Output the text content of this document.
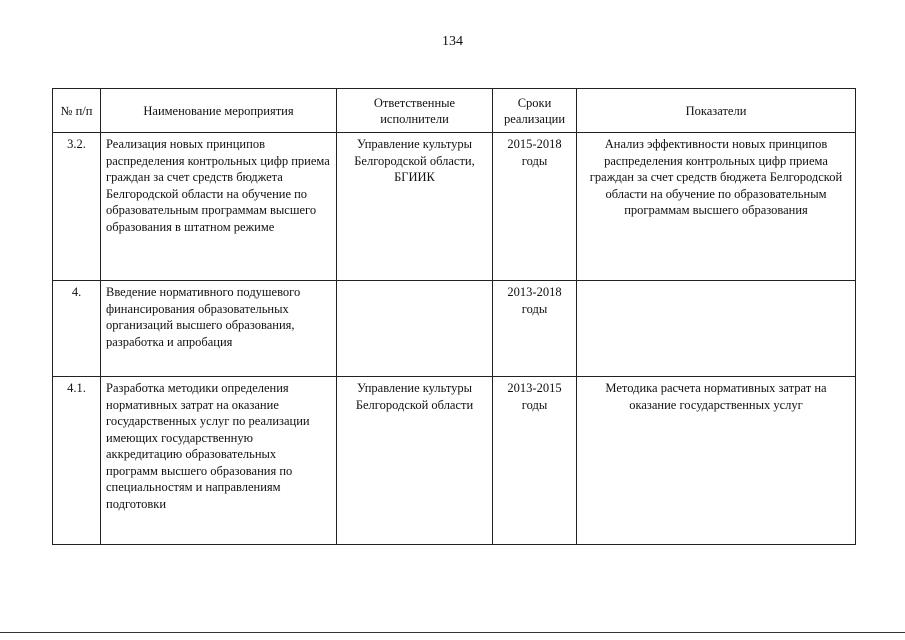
134
№ п/п	Наименование мероприятия	Ответственные исполнители	Сроки реализации	Показатели
3.2.	Реализация новых принципов распределения контрольных цифр приема граждан за счет средств бюджета Белгородской области на обучение по образовательным программам высшего образования в штатном режиме	Управление культуры Белгородской области, БГИИК	2015-2018 годы	Анализ эффективности новых принципов распределения контрольных цифр приема граждан за счет средств бюджета Белгородской области на обучение по образовательным программам высшего образования
4.	Введение нормативного подушевого финансирования образовательных организаций высшего образования, разработка и апробация		2013-2018 годы	
4.1.	Разработка методики определения нормативных затрат на оказание государственных услуг по реализации имеющих государственную аккредитацию образовательных программ высшего образования по специальностям и направлениям подготовки	Управление культуры Белгородской области	2013-2015 годы	Методика расчета нормативных затрат на оказание государственных услуг
